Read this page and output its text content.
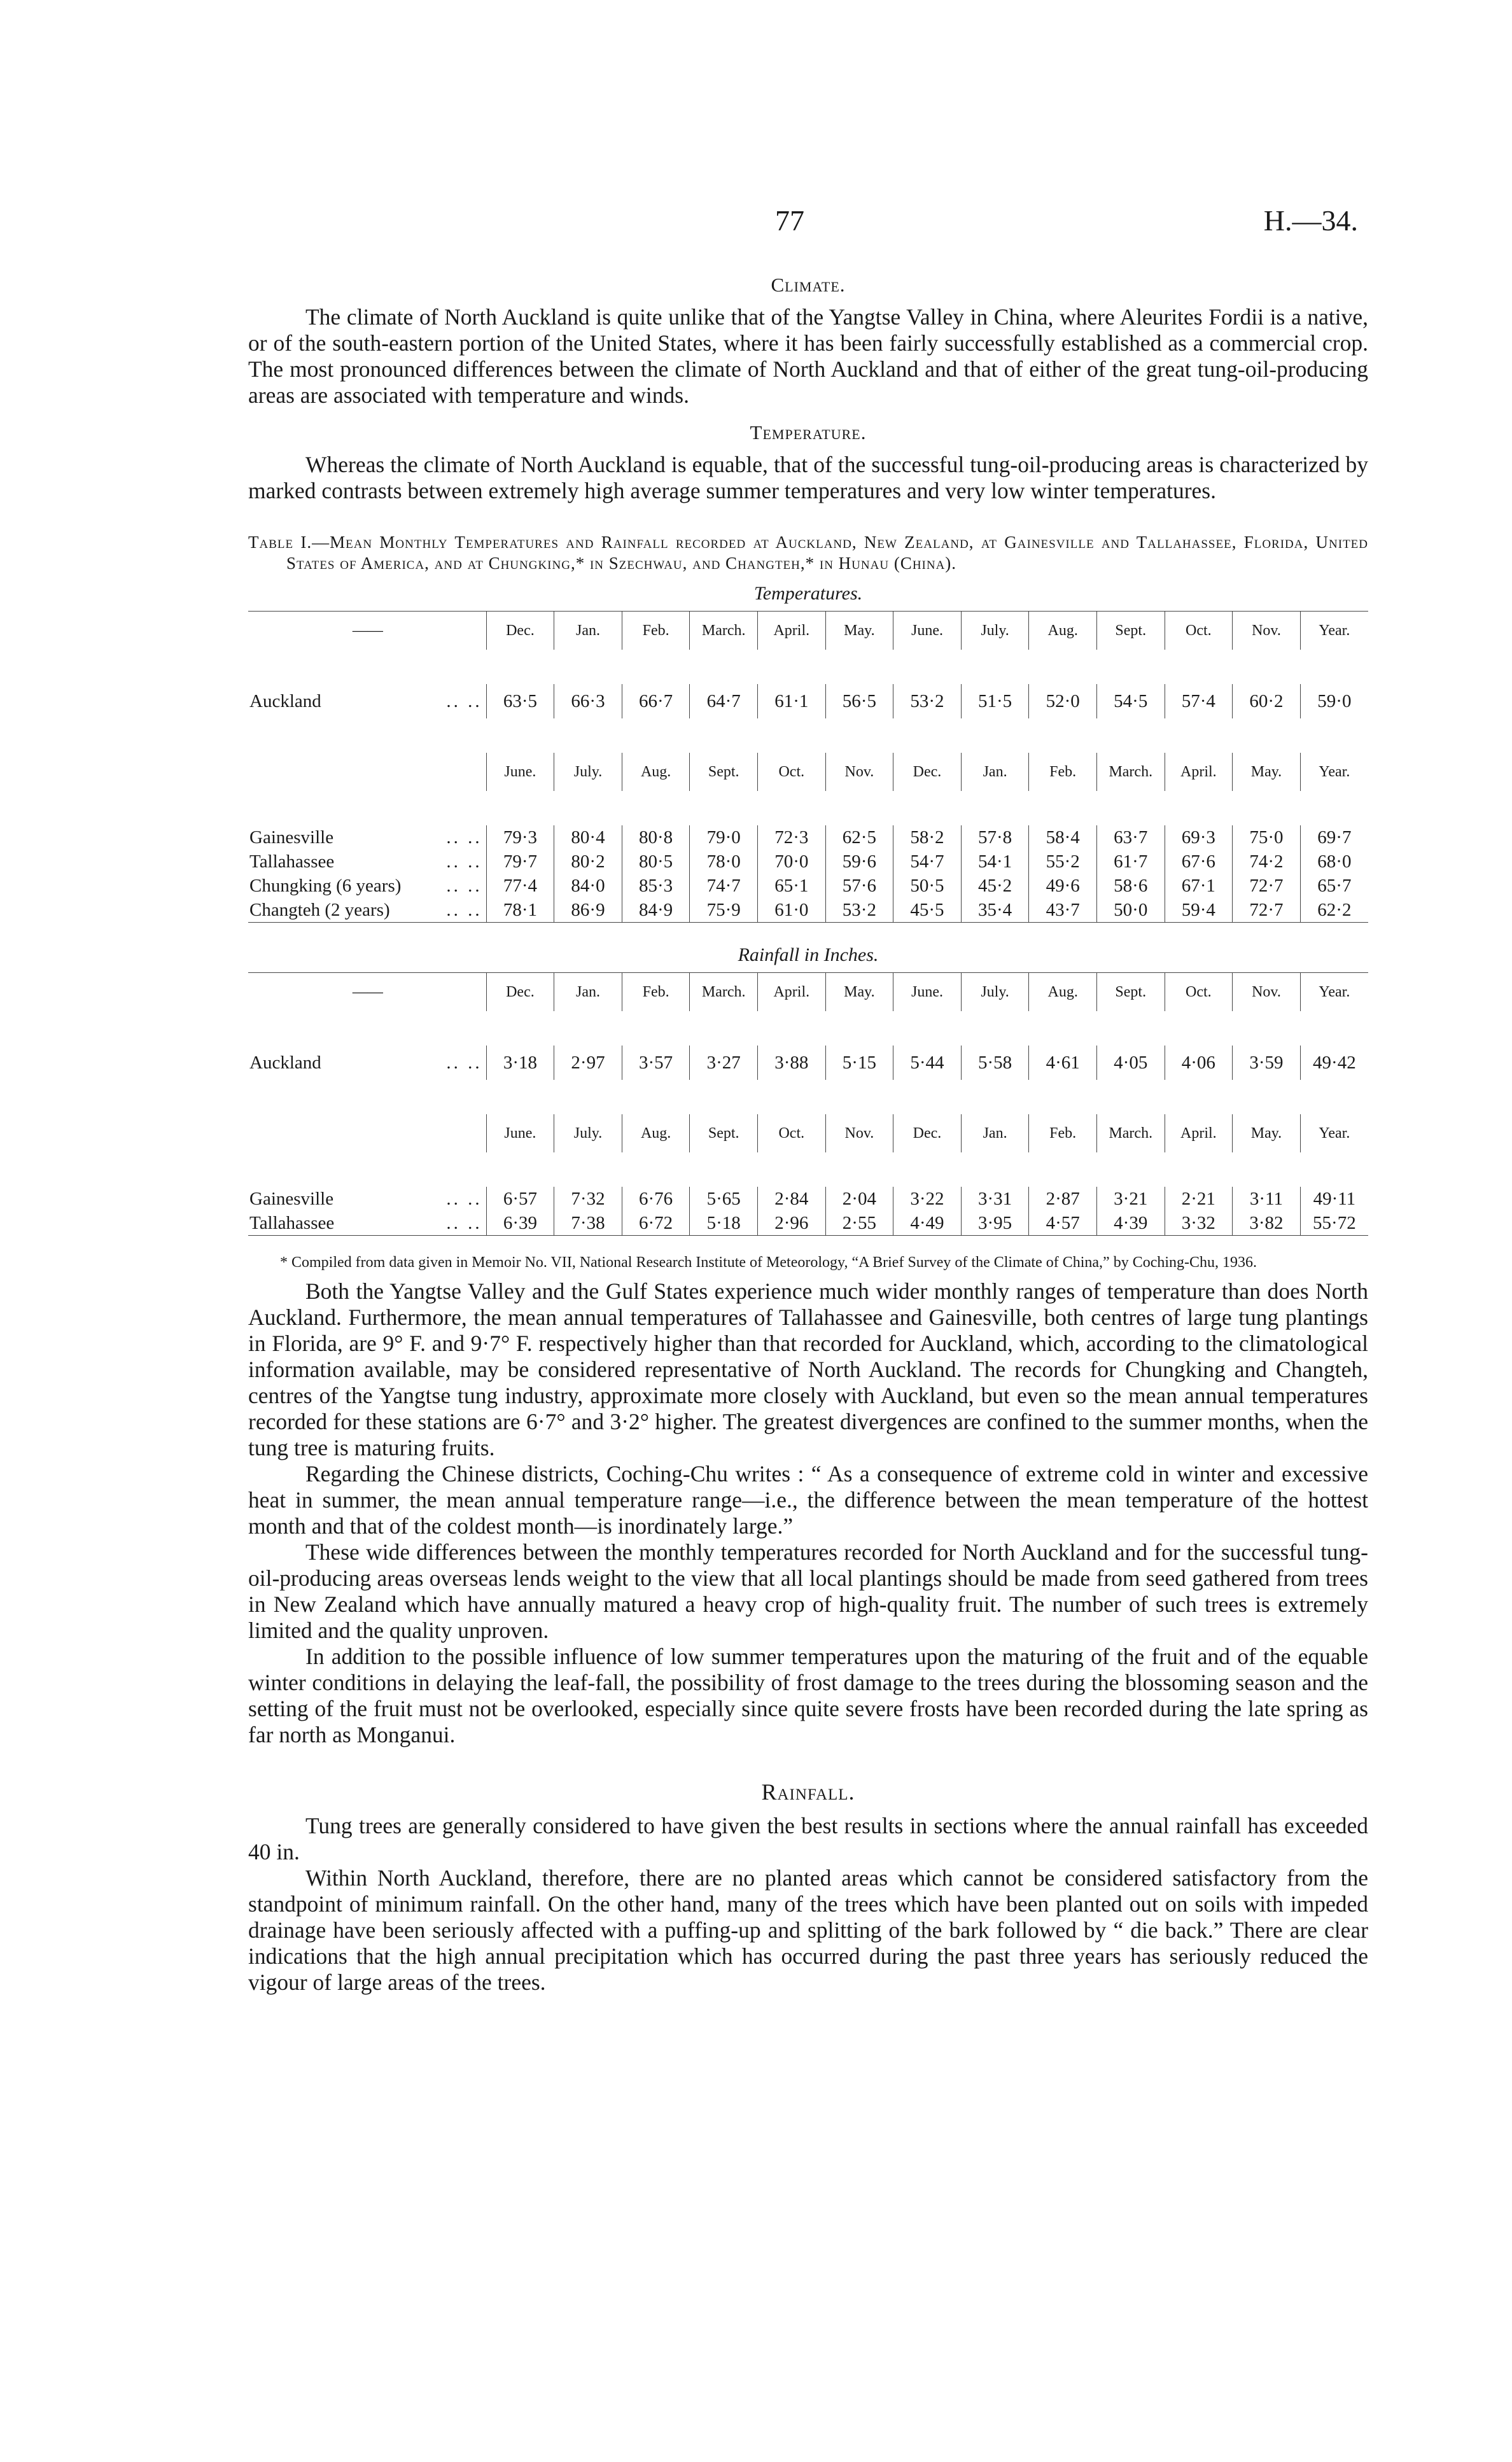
77	H.—34.
Climate.

The climate of North Auckland is quite unlike that of the Yangtse Valley in China, where Aleurites Fordii is a native, or of the south-eastern portion of the United States, where it has been fairly successfully established as a commercial crop. The most pronounced differences between the climate of North Auckland and that of either of the great tung-oil-producing areas are associated with temperature and winds.

Temperature.

Whereas the climate of North Auckland is equable, that of the successful tung-oil-producing areas is characterized by marked contrasts between extremely high average summer temperatures and very low winter temperatures.

Table I.—Mean Monthly Temperatures and Rainfall recorded at Auckland, New Zealand, at Gainesville and Tallahassee, Florida, United States of America, and at Chungking,* in Szechwau, and Changteh,* in Hunau (China).
Temperatures.
——	Dec.	Jan.	Feb.	March.	April.	May.	June.	July.	Aug.	Sept.	Oct.	Nov.	Year.

Auckland .. ..	63·5	66·3	66·7	64·7	61·1	56·5	53·2	51·5	52·0	54·5	57·4	60·2	59·0

	June.	July.	Aug.	Sept.	Oct.	Nov.	Dec.	Jan.	Feb.	March.	April.	May.	Year.

Gainesville .. ..	79·3	80·4	80·8	79·0	72·3	62·5	58·2	57·8	58·4	63·7	69·3	75·0	69·7
Tallahassee .. ..	79·7	80·2	80·5	78·0	70·0	59·6	54·7	54·1	55·2	61·7	67·6	74·2	68·0
Chungking (6 years) .. ..	77·4	84·0	85·3	74·7	65·1	57·6	50·5	45·2	49·6	58·6	67·1	72·7	65·7
Changteh (2 years) .. ..	78·1	86·9	84·9	75·9	61·0	53·2	45·5	35·4	43·7	50·0	59·4	72·7	62·2
Rainfall in Inches.
——	Dec.	Jan.	Feb.	March.	April.	May.	June.	July.	Aug.	Sept.	Oct.	Nov.	Year.

Auckland .. ..	3·18	2·97	3·57	3·27	3·88	5·15	5·44	5·58	4·61	4·05	4·06	3·59	49·42

	June.	July.	Aug.	Sept.	Oct.	Nov.	Dec.	Jan.	Feb.	March.	April.	May.	Year.

Gainesville .. ..	6·57	7·32	6·76	5·65	2·84	2·04	3·22	3·31	2·87	3·21	2·21	3·11	49·11
Tallahassee .. ..	6·39	7·38	6·72	5·18	2·96	2·55	4·49	3·95	4·57	4·39	3·32	3·82	55·72

* Compiled from data given in Memoir No. VII, National Research Institute of Meteorology, “A Brief Survey of the Climate of China,” by Coching-Chu, 1936.

Both the Yangtse Valley and the Gulf States experience much wider monthly ranges of temperature than does North Auckland. Furthermore, the mean annual temperatures of Tallahassee and Gainesville, both centres of large tung plantings in Florida, are 9° F. and 9·7° F. respectively higher than that recorded for Auckland, which, according to the climatological information available, may be considered representative of North Auckland. The records for Chungking and Changteh, centres of the Yangtse tung industry, approximate more closely with Auckland, but even so the mean annual temperatures recorded for these stations are 6·7° and 3·2° higher. The greatest divergences are confined to the summer months, when the tung tree is maturing fruits.

Regarding the Chinese districts, Coching-Chu writes : “ As a consequence of extreme cold in winter and excessive heat in summer, the mean annual temperature range—i.e., the difference between the mean temperature of the hottest month and that of the coldest month—is inordinately large.”

These wide differences between the monthly temperatures recorded for North Auckland and for the successful tung-oil-producing areas overseas lends weight to the view that all local plantings should be made from seed gathered from trees in New Zealand which have annually matured a heavy crop of high-quality fruit. The number of such trees is extremely limited and the quality unproven.

In addition to the possible influence of low summer temperatures upon the maturing of the fruit and of the equable winter conditions in delaying the leaf-fall, the possibility of frost damage to the trees during the blossoming season and the setting of the fruit must not be overlooked, especially since quite severe frosts have been recorded during the late spring as far north as Monganui.

Rainfall.

Tung trees are generally considered to have given the best results in sections where the annual rainfall has exceeded 40 in.

Within North Auckland, therefore, there are no planted areas which cannot be considered satisfactory from the standpoint of minimum rainfall. On the other hand, many of the trees which have been planted out on soils with impeded drainage have been seriously affected with a puffing-up and splitting of the bark followed by “ die back.” There are clear indications that the high annual precipitation which has occurred during the past three years has seriously reduced the vigour of large areas of the trees.
